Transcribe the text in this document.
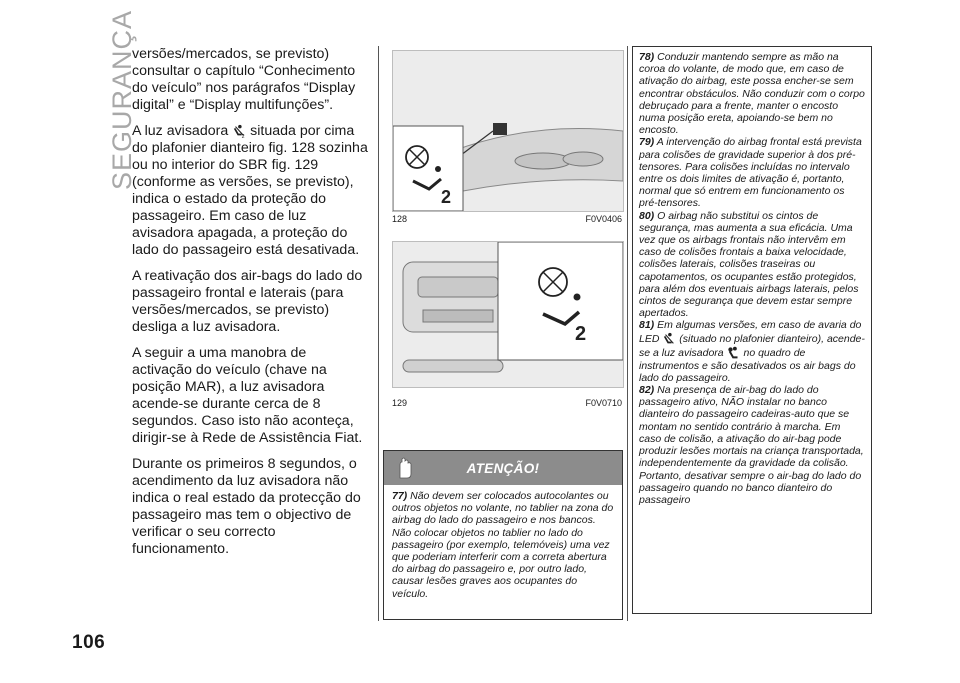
SEGURANÇA
106

versões/mercados, se previsto) consultar o capítulo “Conhecimento do veículo” nos parágrafos “Display digital” e “Display multifunções”.

A luz avisadora 2 situada por cima do plafonier dianteiro fig. 128 sozinha ou no interior do SBR fig. 129 (conforme as versões, se previsto), indica o estado da proteção do passageiro. Em caso de luz avisadora apagada, a proteção do lado do passageiro está desativada.

A reativação dos air-bags do lado do passageiro frontal e laterais (para versões/mercados, se previsto) desliga a luz avisadora.

A seguir a uma manobra de activação do veículo (chave na posição MAR), a luz avisadora acende-se durante cerca de 8 segundos. Caso isto não aconteça, dirigir-se à Rede de Assistência Fiat.

Durante os primeiros 8 segundos, o acendimento da luz avisadora não indica o real estado da protecção do passageiro mas tem o objectivo de verificar o seu correcto funcionamento.

2
128	F0V0406
2
129	F0V0710
ATENÇÃO!
77) Não devem ser colocados autocolantes ou outros objetos no volante, no tablier na zona do airbag do lado do passageiro e nos bancos. Não colocar objetos no tablier no lado do passageiro (por exemplo, telemóveis) uma vez que poderiam interferir com a correta abertura do airbag do passageiro e, por outro lado, causar lesões graves aos ocupantes do veículo.

78) Conduzir mantendo sempre as mão na coroa do volante, de modo que, em caso de ativação do airbag, este possa encher-se sem encontrar obstáculos. Não conduzir com o corpo debruçado para a frente, manter o encosto numa posição ereta, apoiando-se bem no encosto.

79) A intervenção do airbag frontal está prevista para colisões de gravidade superior à dos pré-tensores. Para colisões incluídas no intervalo entre os dois limites de ativação é, portanto, normal que só entrem em funcionamento os pré-tensores.

80) O airbag não substitui os cintos de segurança, mas aumenta a sua eficácia. Uma vez que os airbags frontais não intervêm em caso de colisões frontais a baixa velocidade, colisões laterais, colisões traseiras ou capotamentos, os ocupantes estão protegidos, para além dos eventuais airbags laterais, pelos cintos de segurança que devem estar sempre apertados.

81) Em algumas versões, em caso de avaria do LED (situado no plafonier dianteiro), acende-se a luz avisadora no quadro de instrumentos e são desativados os air bags do lado do passageiro.

82) Na presença de air-bag do lado do passageiro ativo, NÃO instalar no banco dianteiro do passageiro cadeiras-auto que se montam no sentido contrário à marcha. Em caso de colisão, a ativação do air-bag pode produzir lesões mortais na criança transportada, independentemente da gravidade da colisão. Portanto, desativar sempre o air-bag do lado do passageiro quando no banco dianteiro do passageiro
